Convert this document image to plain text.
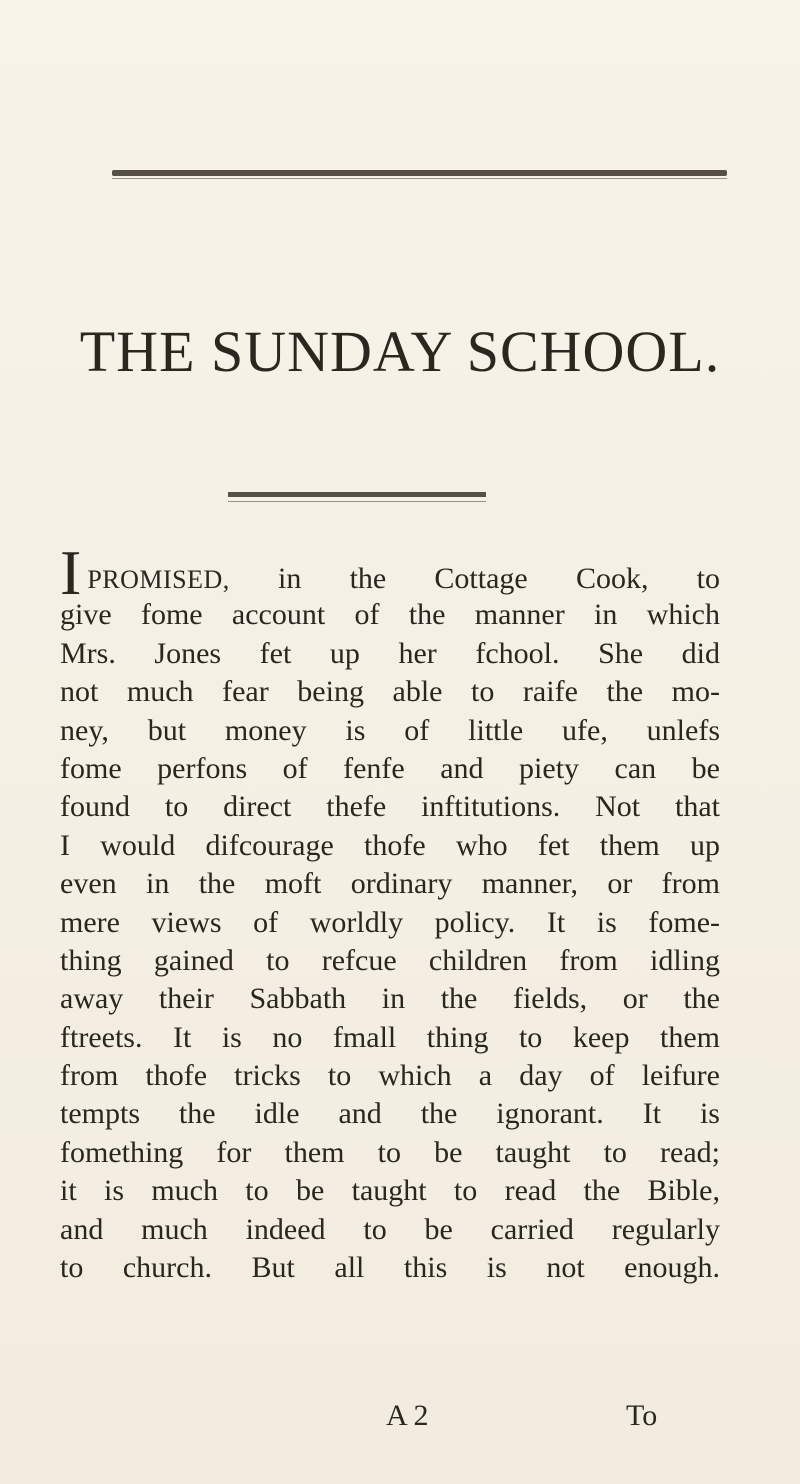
THE SUNDAY SCHOOL.
IPROMISED, in the Cottage Cook, to
give fome account of the manner in which
Mrs. Jones fet up her fchool. She did
not much fear being able to raife the mo-
ney, but money is of little ufe, unlefs
fome perfons of fenfe and piety can be
found to direct thefe inftitutions. Not that
I would difcourage thofe who fet them up
even in the moft ordinary manner, or from
mere views of worldly policy. It is fome-
thing gained to refcue children from idling
away their Sabbath in the fields, or the
ftreets. It is no fmall thing to keep them
from thofe tricks to which a day of leifure
tempts the idle and the ignorant. It is
fomething for them to be taught to read;
it is much to be taught to read the Bible,
and much indeed to be carried regularly
to church. But all this is not enough.
A 2	To
